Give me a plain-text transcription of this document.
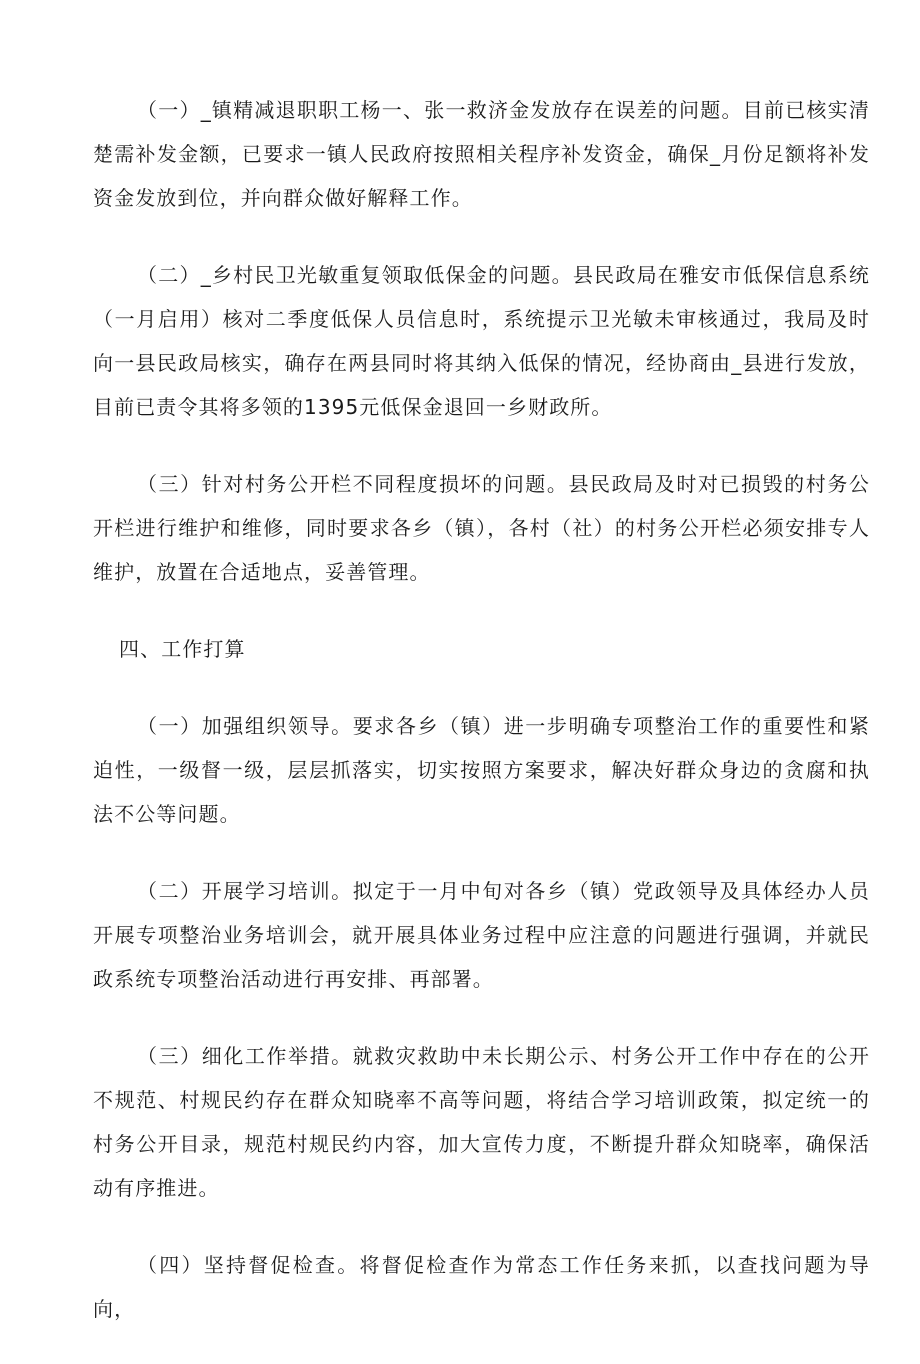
（一）_镇精减退职职工杨一、张一救济金发放存在误差的问题。目前已核实清楚需补发金额，已要求一镇人民政府按照相关程序补发资金，确保_月份足额将补发资金发放到位，并向群众做好解释工作。

（二）_乡村民卫光敏重复领取低保金的问题。县民政局在雅安市低保信息系统（一月启用）核对二季度低保人员信息时，系统提示卫光敏未审核通过，我局及时向一县民政局核实，确存在两县同时将其纳入低保的情况，经协商由_县进行发放，目前已责令其将多领的1395元低保金退回一乡财政所。

（三）针对村务公开栏不同程度损坏的问题。县民政局及时对已损毁的村务公开栏进行维护和维修，同时要求各乡（镇），各村（社）的村务公开栏必须安排专人维护，放置在合适地点，妥善管理。

四、工作打算

（一）加强组织领导。要求各乡（镇）进一步明确专项整治工作的重要性和紧迫性，一级督一级，层层抓落实，切实按照方案要求，解决好群众身边的贪腐和执法不公等问题。

（二）开展学习培训。拟定于一月中旬对各乡（镇）党政领导及具体经办人员开展专项整治业务培训会，就开展具体业务过程中应注意的问题进行强调，并就民政系统专项整治活动进行再安排、再部署。

（三）细化工作举措。就救灾救助中未长期公示、村务公开工作中存在的公开不规范、村规民约存在群众知晓率不高等问题，将结合学习培训政策，拟定统一的村务公开目录，规范村规民约内容，加大宣传力度，不断提升群众知晓率，确保活动有序推进。

（四）坚持督促检查。将督促检查作为常态工作任务来抓，以查找问题为导向，
